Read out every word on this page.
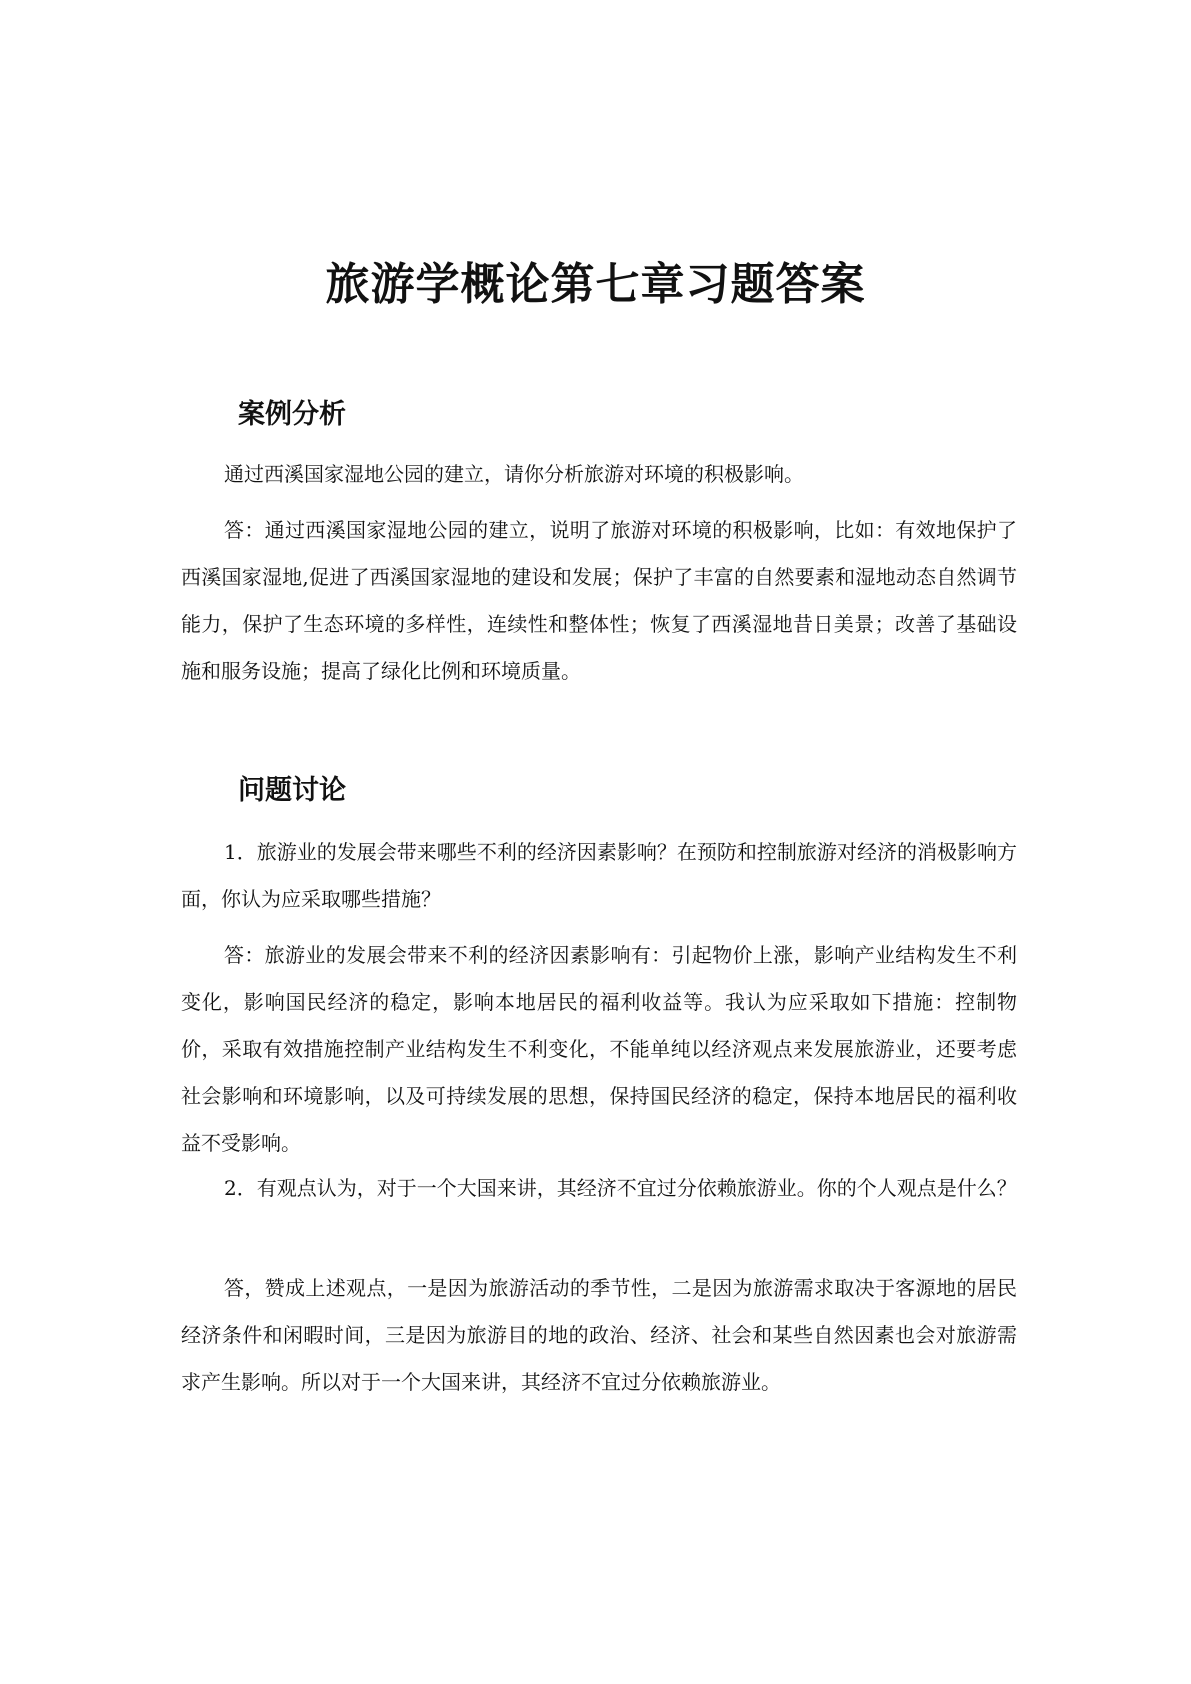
旅游学概论第七章习题答案
案例分析

通过西溪国家湿地公园的建立，请你分析旅游对环境的积极影响。

答：通过西溪国家湿地公园的建立，说明了旅游对环境的积极影响，比如：有效地保护了西溪国家湿地,促进了西溪国家湿地的建设和发展；保护了丰富的自然要素和湿地动态自然调节能力，保护了生态环境的多样性，连续性和整体性；恢复了西溪湿地昔日美景；改善了基础设施和服务设施；提高了绿化比例和环境质量。

问题讨论

1．旅游业的发展会带来哪些不利的经济因素影响？在预防和控制旅游对经济的消极影响方面，你认为应采取哪些措施？

答：旅游业的发展会带来不利的经济因素影响有：引起物价上涨，影响产业结构发生不利变化，影响国民经济的稳定，影响本地居民的福利收益等。我认为应采取如下措施：控制物价，采取有效措施控制产业结构发生不利变化，不能单纯以经济观点来发展旅游业，还要考虑社会影响和环境影响，以及可持续发展的思想，保持国民经济的稳定，保持本地居民的福利收益不受影响。

2．有观点认为，对于一个大国来讲，其经济不宜过分依赖旅游业。你的个人观点是什么？

答，赞成上述观点，一是因为旅游活动的季节性，二是因为旅游需求取决于客源地的居民经济条件和闲暇时间，三是因为旅游目的地的政治、经济、社会和某些自然因素也会对旅游需求产生影响。所以对于一个大国来讲，其经济不宜过分依赖旅游业。
